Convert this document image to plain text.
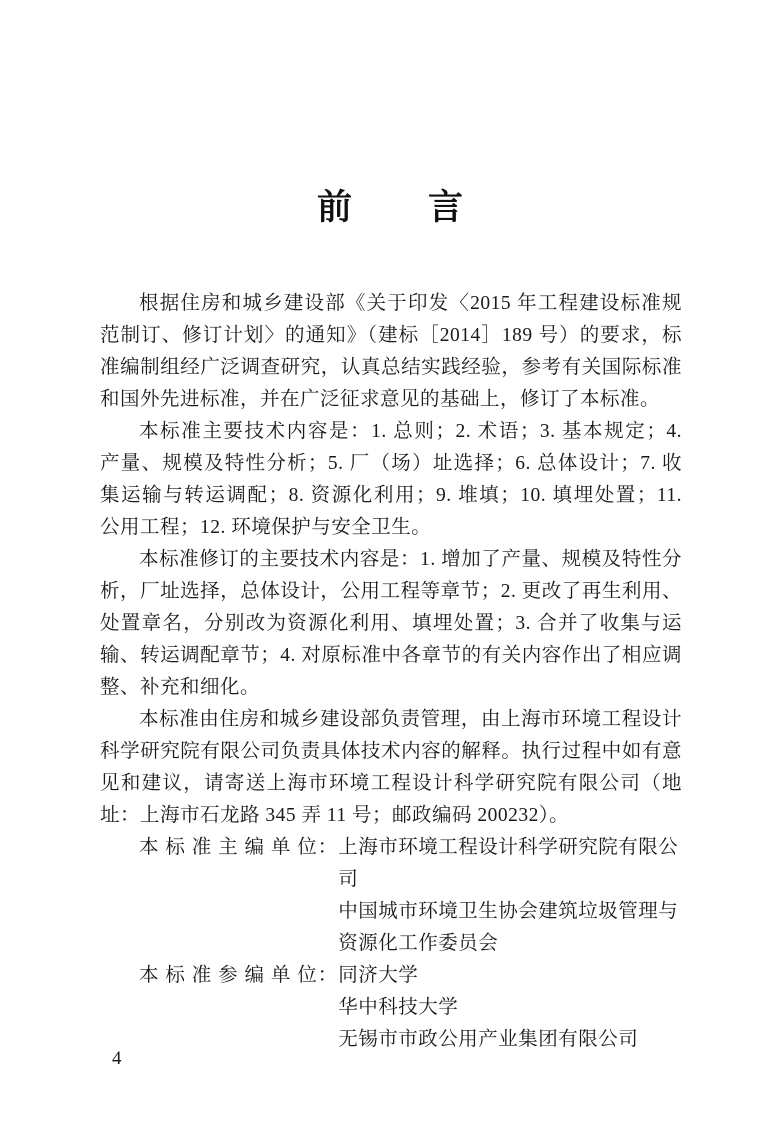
前　　言

根据住房和城乡建设部《关于印发〈2015 年工程建设标准规范制订、修订计划〉的通知》（建标［2014］189 号）的要求，标准编制组经广泛调查研究，认真总结实践经验，参考有关国际标准和国外先进标准，并在广泛征求意见的基础上，修订了本标准。

本标准主要技术内容是：1. 总则；2. 术语；3. 基本规定；4. 产量、规模及特性分析；5. 厂（场）址选择；6. 总体设计；7. 收集运输与转运调配；8. 资源化利用；9. 堆填；10. 填埋处置；11. 公用工程；12. 环境保护与安全卫生。

本标准修订的主要技术内容是：1. 增加了产量、规模及特性分析，厂址选择，总体设计，公用工程等章节；2. 更改了再生利用、处置章名，分别改为资源化利用、填埋处置；3. 合并了收集与运输、转运调配章节；4. 对原标准中各章节的有关内容作出了相应调整、补充和细化。

本标准由住房和城乡建设部负责管理，由上海市环境工程设计科学研究院有限公司负责具体技术内容的解释。执行过程中如有意见和建议，请寄送上海市环境工程设计科学研究院有限公司（地址：上海市石龙路 345 弄 11 号；邮政编码 200232）。

本 标 准 主 编 单 位： 上海市环境工程设计科学研究院有限公司
中国城市环境卫生协会建筑垃圾管理与资源化工作委员会
本 标 准 参 编 单 位： 同济大学
华中科技大学
无锡市市政公用产业集团有限公司
4
